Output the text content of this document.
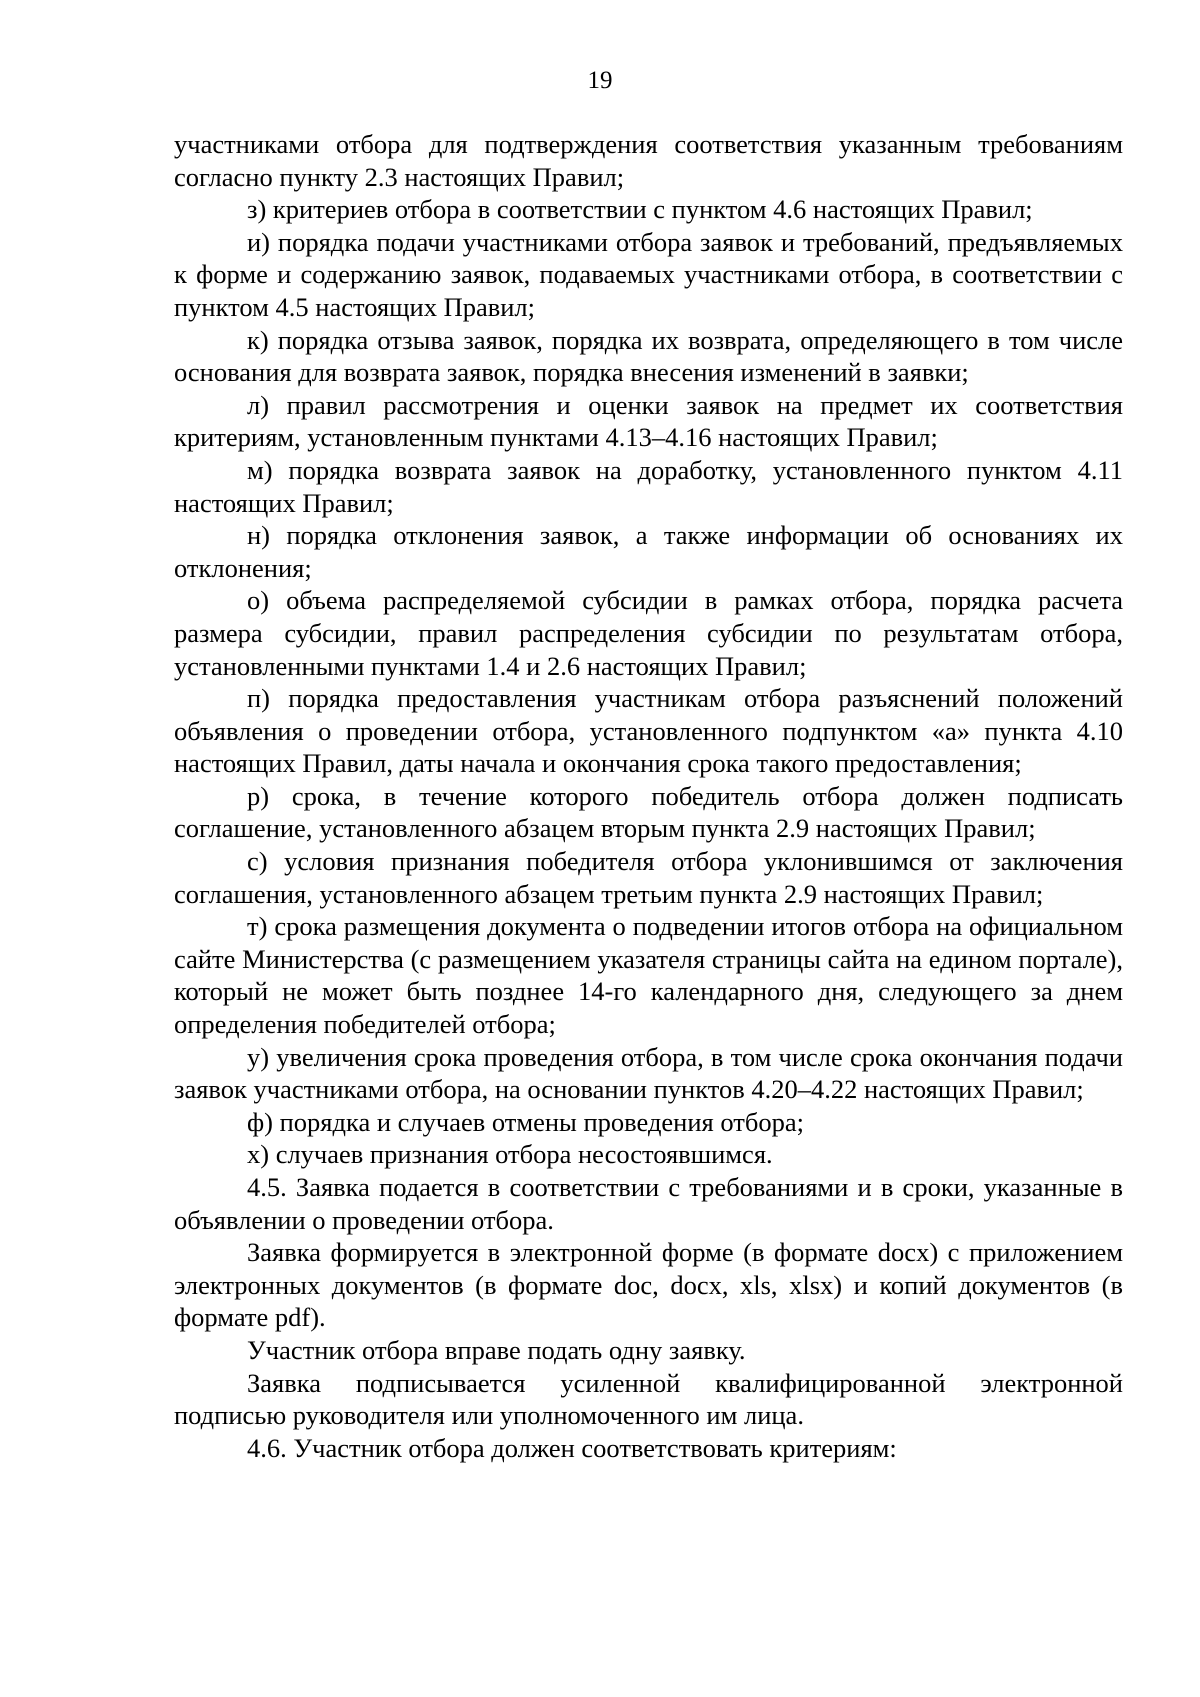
19

участниками отбора для подтверждения соответствия указанным требованиям согласно пункту 2.3 настоящих Правил;

з) критериев отбора в соответствии с пунктом 4.6 настоящих Правил;

и) порядка подачи участниками отбора заявок и требований, предъявляемых к форме и содержанию заявок, подаваемых участниками отбора, в соответствии с пунктом 4.5 настоящих Правил;

к) порядка отзыва заявок, порядка их возврата, определяющего в том числе основания для возврата заявок, порядка внесения изменений в заявки;

л) правил рассмотрения и оценки заявок на предмет их соответствия критериям, установленным пунктами 4.13–4.16 настоящих Правил;

м) порядка возврата заявок на доработку, установленного пунктом 4.11 настоящих Правил;

н) порядка отклонения заявок, а также информации об основаниях их отклонения;

о) объема распределяемой субсидии в рамках отбора, порядка расчета размера субсидии, правил распределения субсидии по результатам отбора, установленными пунктами 1.4 и 2.6 настоящих Правил;

п) порядка предоставления участникам отбора разъяснений положений объявления о проведении отбора, установленного подпунктом «а» пункта 4.10 настоящих Правил, даты начала и окончания срока такого предоставления;

р) срока, в течение которого победитель отбора должен подписать соглашение, установленного абзацем вторым пункта 2.9 настоящих Правил;

с) условия признания победителя отбора уклонившимся от заключения соглашения, установленного абзацем третьим пункта 2.9 настоящих Правил;

т) срока размещения документа о подведении итогов отбора на официальном сайте Министерства (с размещением указателя страницы сайта на едином портале), который не может быть позднее 14-го календарного дня, следующего за днем определения победителей отбора;

у) увеличения срока проведения отбора, в том числе срока окончания подачи заявок участниками отбора, на основании пунктов 4.20–4.22 настоящих Правил;

ф) порядка и случаев отмены проведения отбора;

х) случаев признания отбора несостоявшимся.

4.5. Заявка подается в соответствии с требованиями и в сроки, указанные в объявлении о проведении отбора.

Заявка формируется в электронной форме (в формате docx) с приложением электронных документов (в формате doc, docx, xls, xlsx) и копий документов (в формате pdf).

Участник отбора вправе подать одну заявку.

Заявка подписывается усиленной квалифицированной электронной подписью руководителя или уполномоченного им лица.

4.6. Участник отбора должен соответствовать критериям:
